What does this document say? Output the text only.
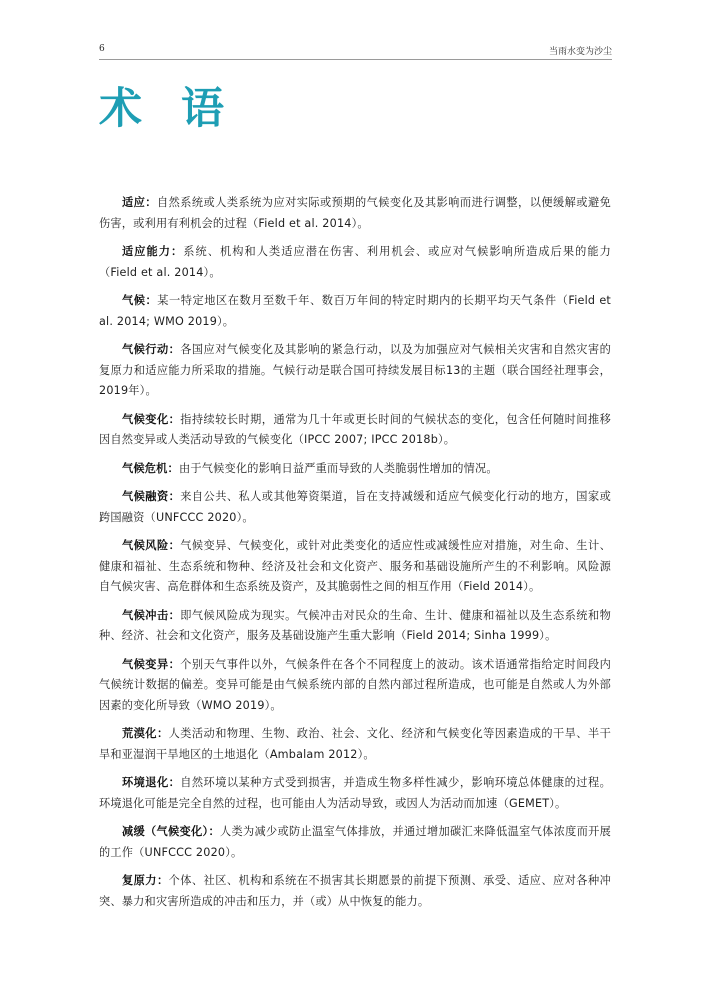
6	当雨水变为沙尘
术 语

适应：自然系统或人类系统为应对实际或预期的气候变化及其影响而进行调整，以便缓解或避免伤害，或利用有利机会的过程（Field et al. 2014）。

适应能力：系统、机构和人类适应潜在伤害、利用机会、或应对气候影响所造成后果的能力（Field et al. 2014）。

气候：某一特定地区在数月至数千年、数百万年间的特定时期内的长期平均天气条件（Field et al. 2014; WMO 2019）。

气候行动：各国应对气候变化及其影响的紧急行动，以及为加强应对气候相关灾害和自然灾害的复原力和适应能力所采取的措施。气候行动是联合国可持续发展目标13的主题（联合国经社理事会，2019年）。

气候变化：指持续较长时期，通常为几十年或更长时间的气候状态的变化，包含任何随时间推移因自然变异或人类活动导致的气候变化（IPCC 2007; IPCC 2018b）。

气候危机：由于气候变化的影响日益严重而导致的人类脆弱性增加的情况。

气候融资：来自公共、私人或其他筹资渠道，旨在支持减缓和适应气候变化行动的地方，国家或跨国融资（UNFCCC 2020）。

气候风险：气候变异、气候变化，或针对此类变化的适应性或减缓性应对措施，对生命、生计、健康和福祉、生态系统和物种、经济及社会和文化资产、服务和基础设施所产生的不利影响。风险源自气候灾害、高危群体和生态系统及资产，及其脆弱性之间的相互作用（Field 2014）。

气候冲击：即气候风险成为现实。气候冲击对民众的生命、生计、健康和福祉以及生态系统和物种、经济、社会和文化资产，服务及基础设施产生重大影响（Field 2014; Sinha 1999）。

气候变异：个别天气事件以外，气候条件在各个不同程度上的波动。该术语通常指给定时间段内气候统计数据的偏差。变异可能是由气候系统内部的自然内部过程所造成，也可能是自然或人为外部因素的变化所导致（WMO 2019）。

荒漠化：人类活动和物理、生物、政治、社会、文化、经济和气候变化等因素造成的干旱、半干旱和亚湿润干旱地区的土地退化（Ambalam 2012）。

环境退化：自然环境以某种方式受到损害，并造成生物多样性减少，影响环境总体健康的过程。环境退化可能是完全自然的过程，也可能由人为活动导致，或因人为活动而加速（GEMET）。

减缓（气候变化）：人类为减少或防止温室气体排放，并通过增加碳汇来降低温室气体浓度而开展的工作（UNFCCC 2020）。

复原力：个体、社区、机构和系统在不损害其长期愿景的前提下预测、承受、适应、应对各种冲突、暴力和灾害所造成的冲击和压力，并（或）从中恢复的能力。
